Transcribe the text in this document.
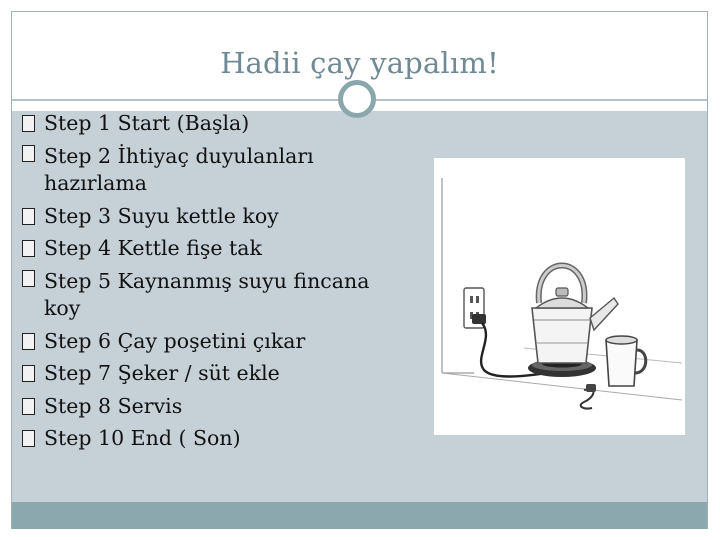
Hadii çay yapalım!
Step 1 Start (Başla)
Step 2 İhtiyaç duyulanları hazırlama
Step 3 Suyu kettle koy
Step 4 Kettle fişe tak
Step 5 Kaynanmış suyu fincana koy
Step 6 Çay poşetini çıkar
Step 7 Şeker / süt ekle
Step 8 Servis
Step 10 End ( Son)
